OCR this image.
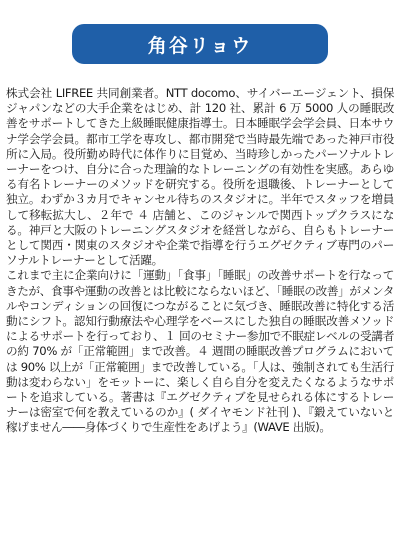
角谷リョウ

株式会社 LIFREE 共同創業者。NTT docomo、サイバーエージェント、損保ジャパンなどの大手企業をはじめ、計 120 社、累計 6 万 5000 人の睡眠改善をサポートしてきた上級睡眠健康指導士。日本睡眠学会学会員、日本サウナ学会学会員。都市工学を専攻し、都市開発で当時最先端であった神戸市役所に入局。役所勤め時代に体作りに目覚め、当時珍しかったパーソナルトレーナーをつけ、自分に合った理論的なトレーニングの有効性を実感。あらゆる有名トレーナーのメソッドを研究する。役所を退職後、トレーナーとして独立。わずか３カ月でキャンセル待ちのスタジオに。半年でスタッフを増員して移転拡大し、２年で ４ 店舗と、このジャンルで関西トップクラスになる。神戸と大阪のトレーニングスタジオを経営しながら、自らもトレーナーとして関西・関東のスタジオや企業で指導を行うエグゼクティブ専門のパーソナルトレーナーとして活躍。

これまで主に企業向けに「運動」「食事」「睡眠」の改善サポートを行なってきたが、食事や運動の改善とは比較にならないほど、「睡眠の改善」がメンタルやコンディションの回復につながることに気づき、睡眠改善に特化する活動にシフト。認知行動療法や心理学をベースにした独自の睡眠改善メソッドによるサポートを行っており、１ 回のセミナー参加で不眠症レベルの受講者の約 70% が「正常範囲」まで改善。４ 週間の睡眠改善プログラムにおいては 90% 以上が「正常範囲」まで改善している。「人は、強制されても生活行動は変わらない」をモットーに、楽しく自ら自分を変えたくなるようなサポートを追求している。著書は『エグゼクティブを見せられる体にするトレーナーは密室で何を教えているのか』( ダイヤモンド社刊 )、『鍛えていないと稼げません――身体づくりで生産性をあげよう』(WAVE 出版)。
